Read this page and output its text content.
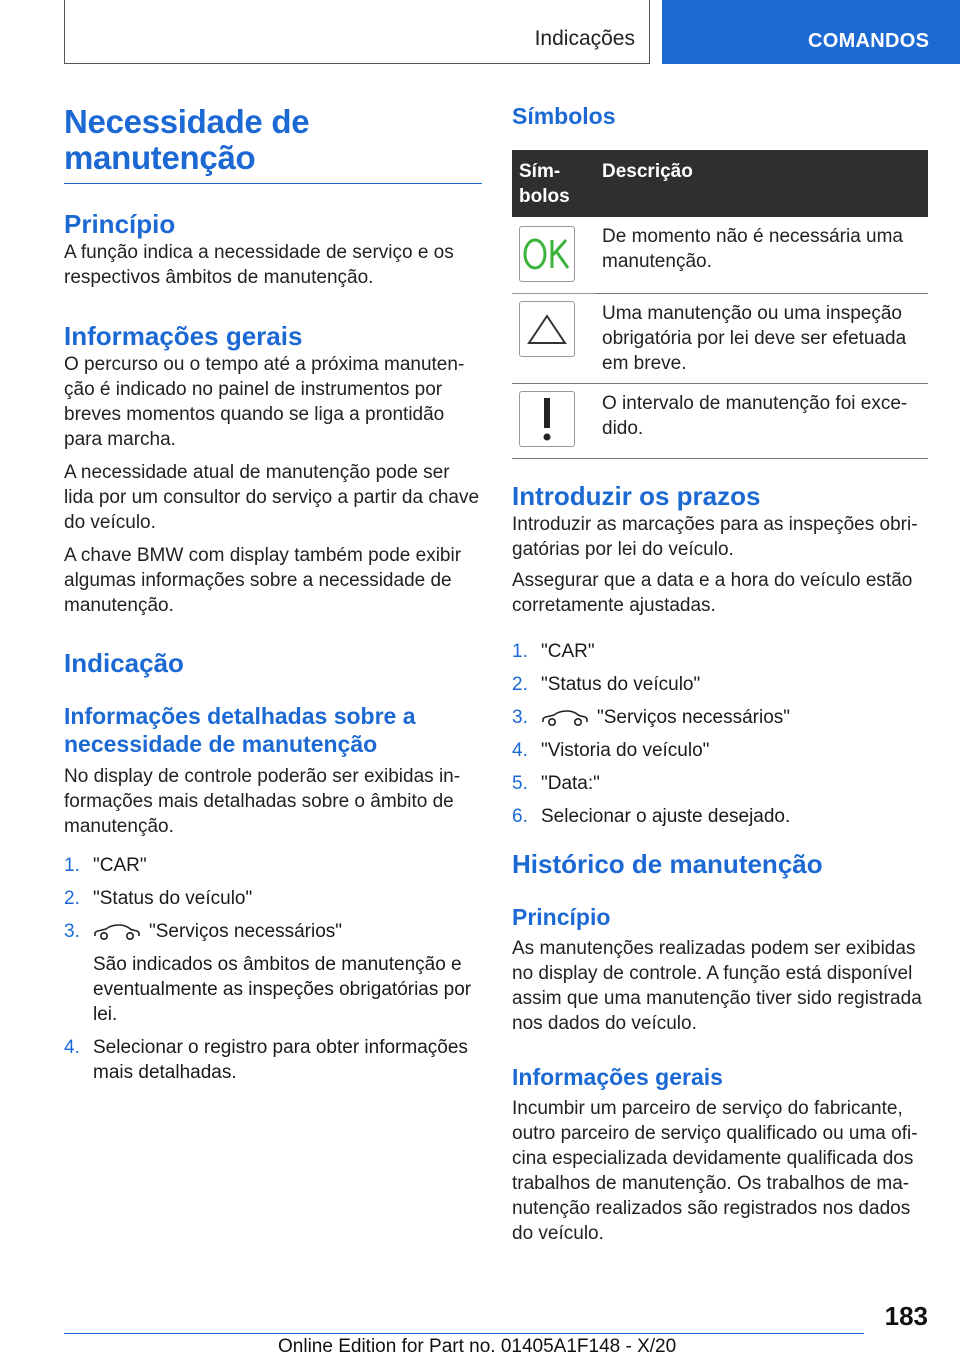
Indicações	COMANDOS
Necessidade de manutenção
Princípio

A função indica a necessidade de serviço e os respectivos âmbitos de manutenção.

Informações gerais

O percurso ou o tempo até a próxima manutenção é indicado no painel de instrumentos por breves momentos quando se liga a prontidão para marcha.

A necessidade atual de manutenção pode ser lida por um consultor do serviço a partir da chave do veículo.

A chave BMW com display também pode exibir algumas informações sobre a necessidade de manutenção.

Indicação
Informações detalhadas sobre a necessidade de manutenção

No display de controle poderão ser exibidas informações mais detalhadas sobre o âmbito de manutenção.

1. "CAR"
2. "Status do veículo"
3.	"Serviços necessários"
São indicados os âmbitos de manutenção e eventualmente as inspeções obrigatórias por lei.
4. Selecionar o registro para obter informações mais detalhadas.
Símbolos
Símbolos	Descrição

	De momento não é necessária uma manutenção.

	Uma manutenção ou uma inspeção obrigatória por lei deve ser efetuada em breve.

	O intervalo de manutenção foi excedido.
Introduzir os prazos

Introduzir as marcações para as inspeções obrigatórias por lei do veículo.

Assegurar que a data e a hora do veículo estão corretamente ajustadas.

1. "CAR"
2. "Status do veículo"
3.	"Serviços necessários"
4. "Vistoria do veículo"
5. "Data:"
6. Selecionar o ajuste desejado.
Histórico de manutenção
Princípio

As manutenções realizadas podem ser exibidas no display de controle. A função está disponível assim que uma manutenção tiver sido registrada nos dados do veículo.

Informações gerais

Incumbir um parceiro de serviço do fabricante, outro parceiro de serviço qualificado ou uma oficina especializada devidamente qualificada dos trabalhos de manutenção. Os trabalhos de manutenção realizados são registrados nos dados do veículo.

183
Online Edition for Part no. 01405A1F148 - X/20
